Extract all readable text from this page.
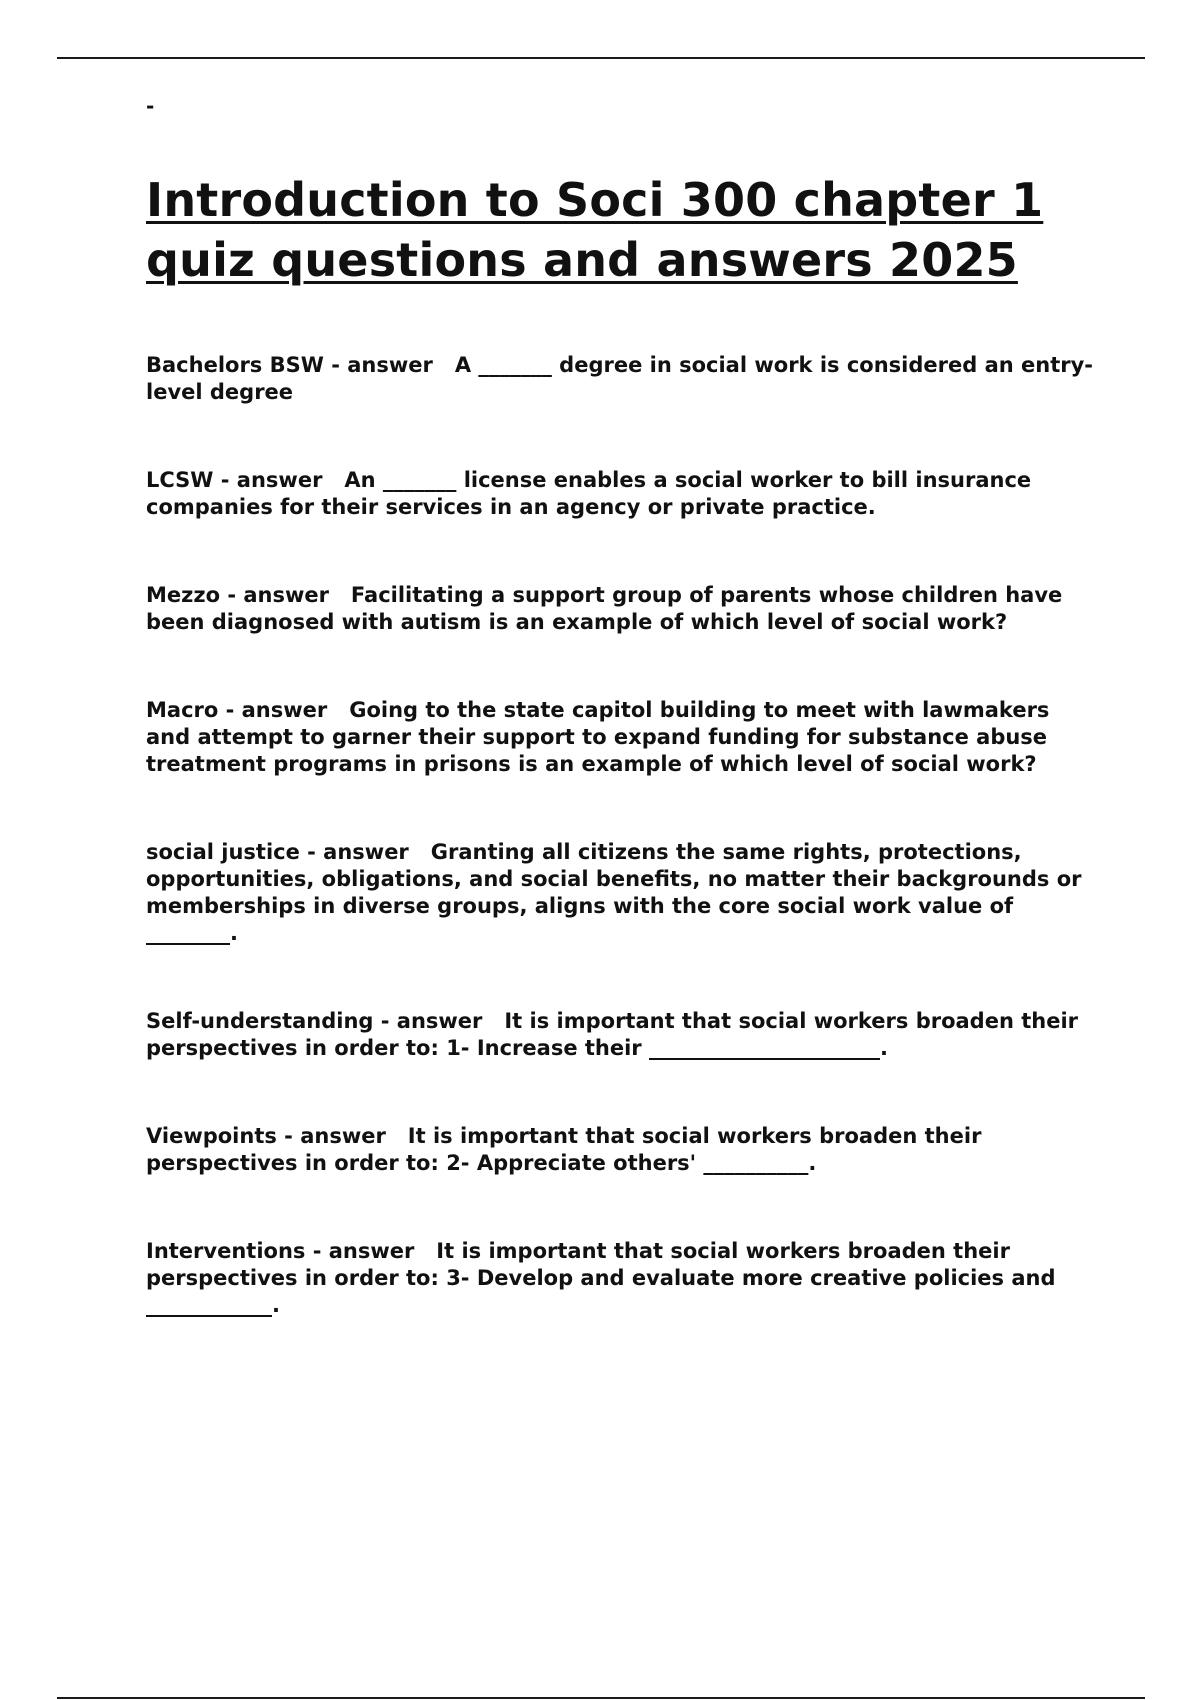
-

Introduction to Soci 300 chapter 1 quiz questions and answers 2025

Bachelors BSW - answer A _______ degree in social work is considered an entry-level degree

LCSW - answer An _______ license enables a social worker to bill insurance companies for their services in an agency or private practice.

Mezzo - answer Facilitating a support group of parents whose children have been diagnosed with autism is an example of which level of social work?

Macro - answer Going to the state capitol building to meet with lawmakers and attempt to garner their support to expand funding for substance abuse treatment programs in prisons is an example of which level of social work?

social justice - answer Granting all citizens the same rights, protections, opportunities, obligations, and social benefits, no matter their backgrounds or memberships in diverse groups, aligns with the core social work value of ________.

Self-understanding - answer It is important that social workers broaden their perspectives in order to: 1- Increase their ______________________.

Viewpoints - answer It is important that social workers broaden their perspectives in order to: 2- Appreciate others' __________.

Interventions - answer It is important that social workers broaden their perspectives in order to: 3- Develop and evaluate more creative policies and ____________.
